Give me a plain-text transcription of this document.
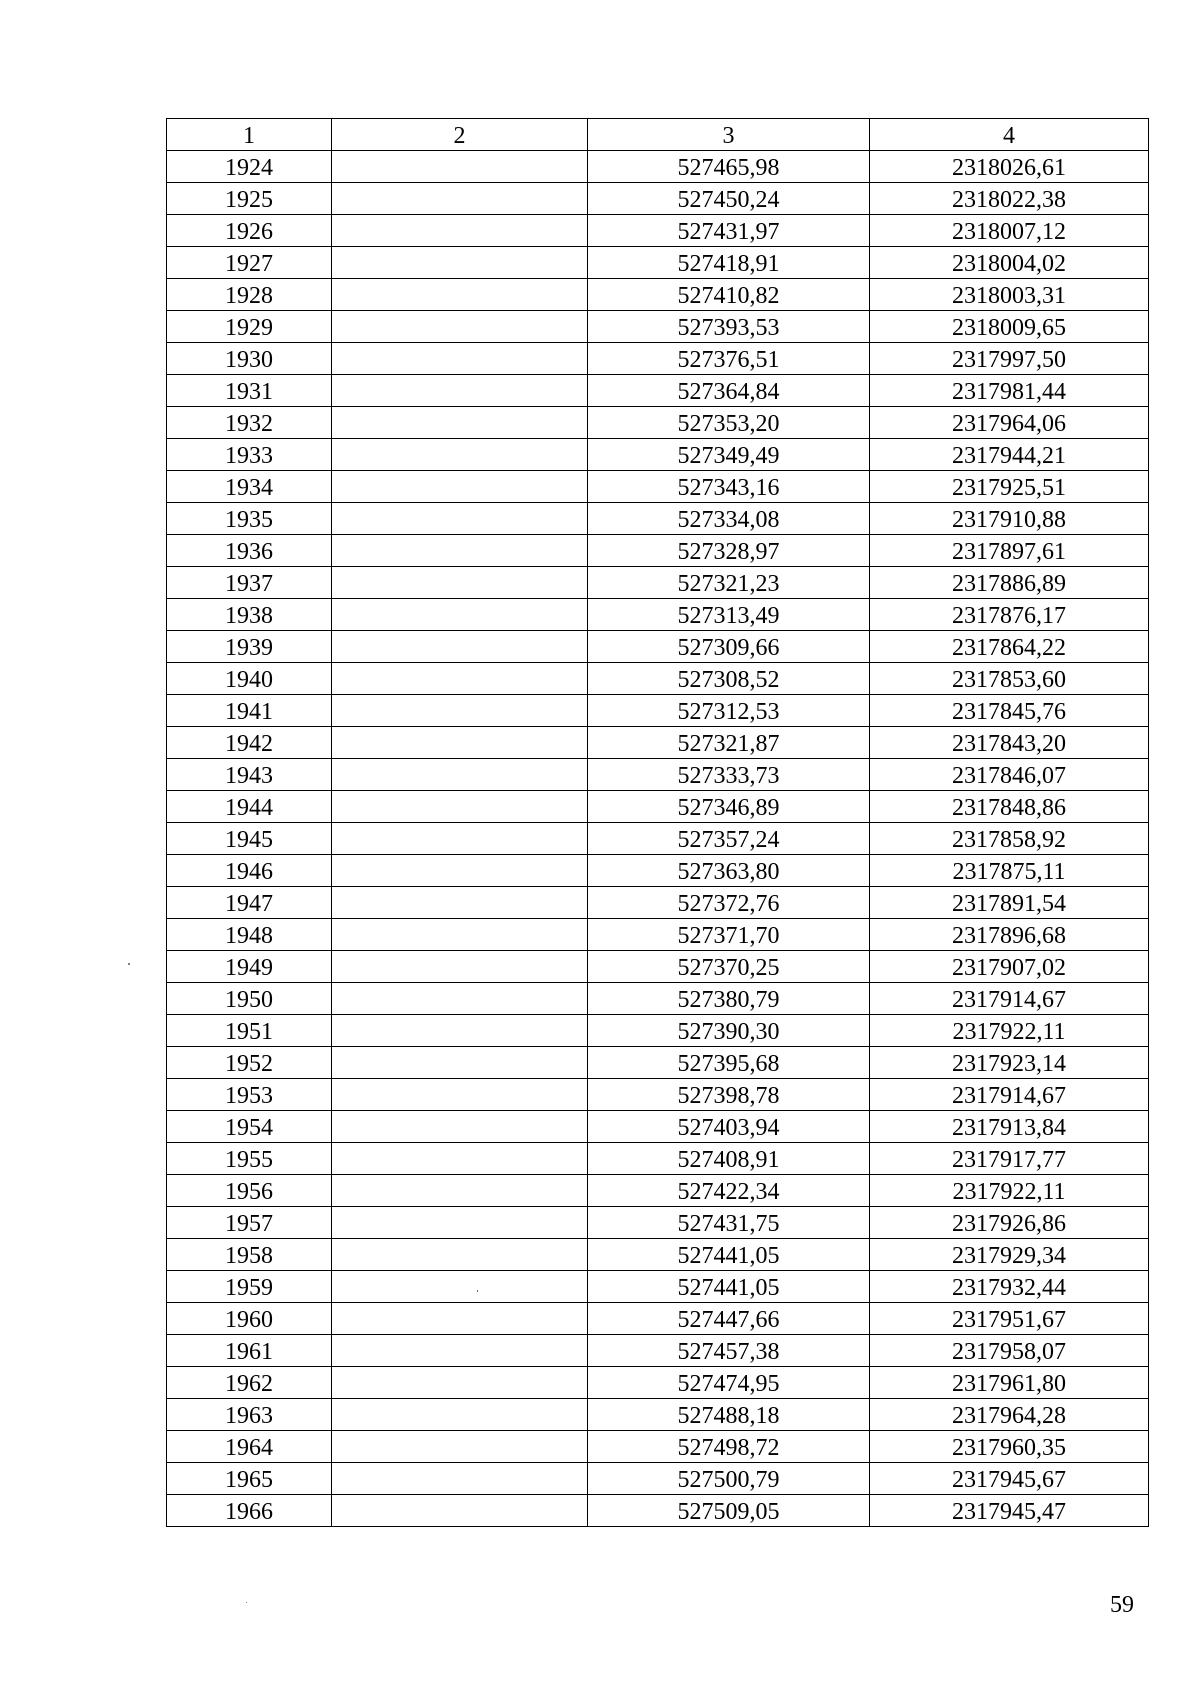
1	2	3	4
1924		527465,98	2318026,61
1925		527450,24	2318022,38
1926		527431,97	2318007,12
1927		527418,91	2318004,02
1928		527410,82	2318003,31
1929		527393,53	2318009,65
1930		527376,51	2317997,50
1931		527364,84	2317981,44
1932		527353,20	2317964,06
1933		527349,49	2317944,21
1934		527343,16	2317925,51
1935		527334,08	2317910,88
1936		527328,97	2317897,61
1937		527321,23	2317886,89
1938		527313,49	2317876,17
1939		527309,66	2317864,22
1940		527308,52	2317853,60
1941		527312,53	2317845,76
1942		527321,87	2317843,20
1943		527333,73	2317846,07
1944		527346,89	2317848,86
1945		527357,24	2317858,92
1946		527363,80	2317875,11
1947		527372,76	2317891,54
1948		527371,70	2317896,68
1949		527370,25	2317907,02
1950		527380,79	2317914,67
1951		527390,30	2317922,11
1952		527395,68	2317923,14
1953		527398,78	2317914,67
1954		527403,94	2317913,84
1955		527408,91	2317917,77
1956		527422,34	2317922,11
1957		527431,75	2317926,86
1958		527441,05	2317929,34
1959		527441,05	2317932,44
1960		527447,66	2317951,67
1961		527457,38	2317958,07
1962		527474,95	2317961,80
1963		527488,18	2317964,28
1964		527498,72	2317960,35
1965		527500,79	2317945,67
1966		527509,05	2317945,47
59
